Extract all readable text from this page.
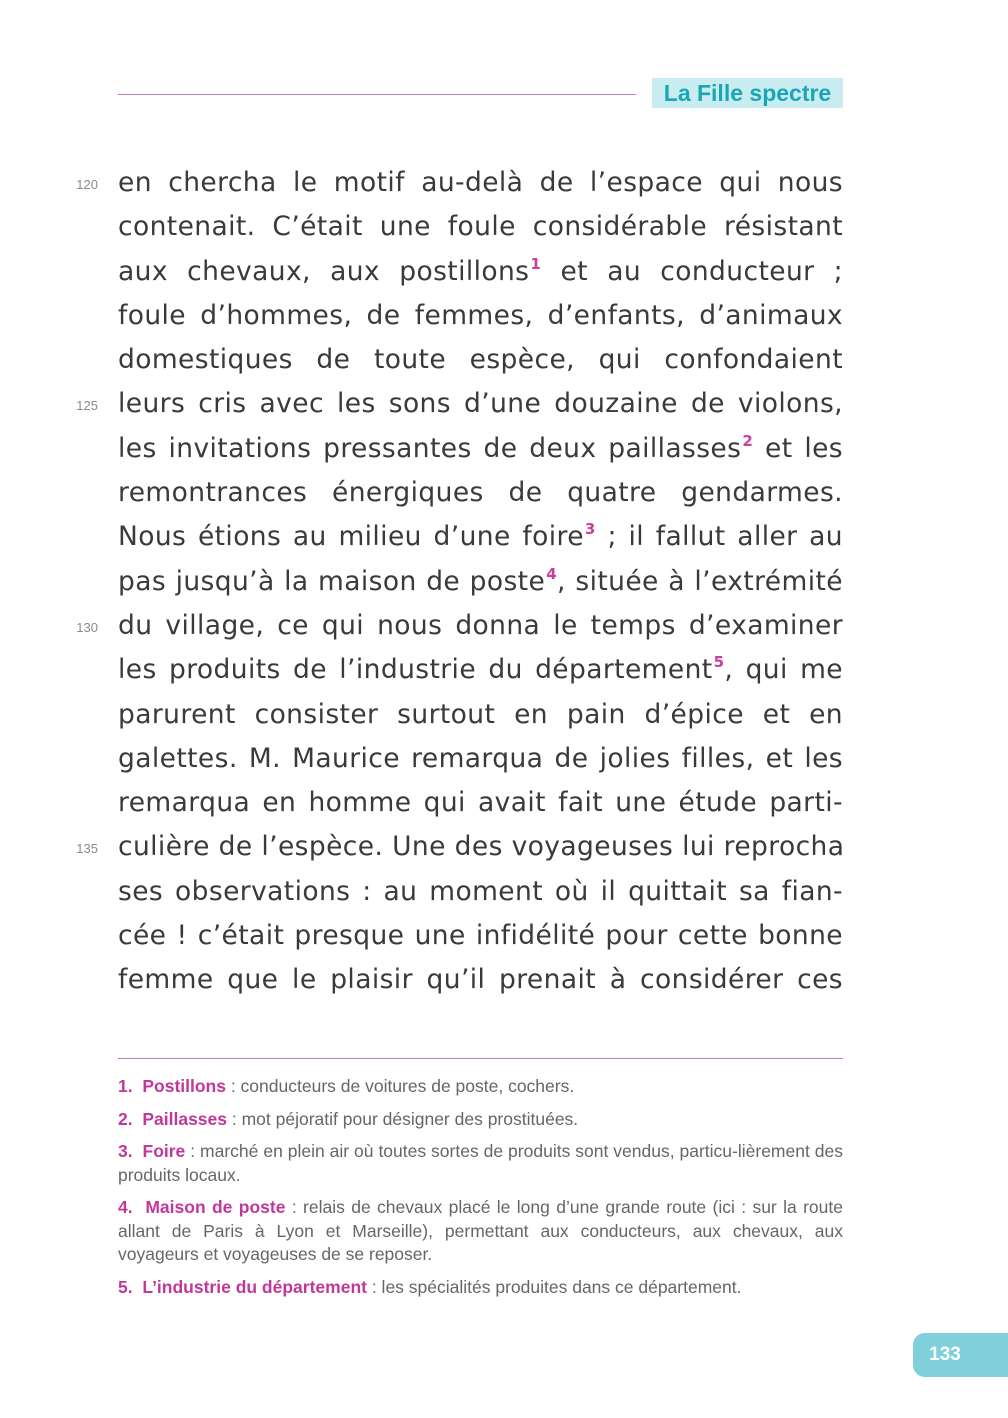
La Fille spectre
120
125
130
135
en chercha le motif au-delà de l’espace qui nous
contenait. C’était une foule considérable résistant
aux chevaux, aux postillons$^1$ et au conducteur ;
foule d’hommes, de femmes, d’enfants, d’animaux
domestiques de toute espèce, qui confondaient
leurs cris avec les sons d’une douzaine de violons,
les invitations pressantes de deux paillasses$^2$ et les
remontrances énergiques de quatre gendarmes.
Nous étions au milieu d’une foire$^3$ ; il fallut aller au
pas jusqu’à la maison de poste$^4$, située à l’extrémité
du village, ce qui nous donna le temps d’examiner
les produits de l’industrie du département$^5$, qui me
parurent consister surtout en pain d’épice et en
galettes. M. Maurice remarqua de jolies filles, et les
remarqua en homme qui avait fait une étude parti-
culière de l’espèce. Une des voyageuses lui reprocha
ses observations : au moment où il quittait sa fian-
cée ! c’était presque une infidélité pour cette bonne
femme que le plaisir qu’il prenait à considérer ces
1. Postillons : conducteurs de voitures de poste, cochers.
2. Paillasses : mot péjoratif pour désigner des prostituées.
3. Foire : marché en plein air où toutes sortes de produits sont vendus, particu-lièrement des produits locaux.
4. Maison de poste : relais de chevaux placé le long d’une grande route (ici : sur la route allant de Paris à Lyon et Marseille), permettant aux conducteurs, aux chevaux, aux voyageurs et voyageuses de se reposer.
5. L’industrie du département : les spécialités produites dans ce département.
133
